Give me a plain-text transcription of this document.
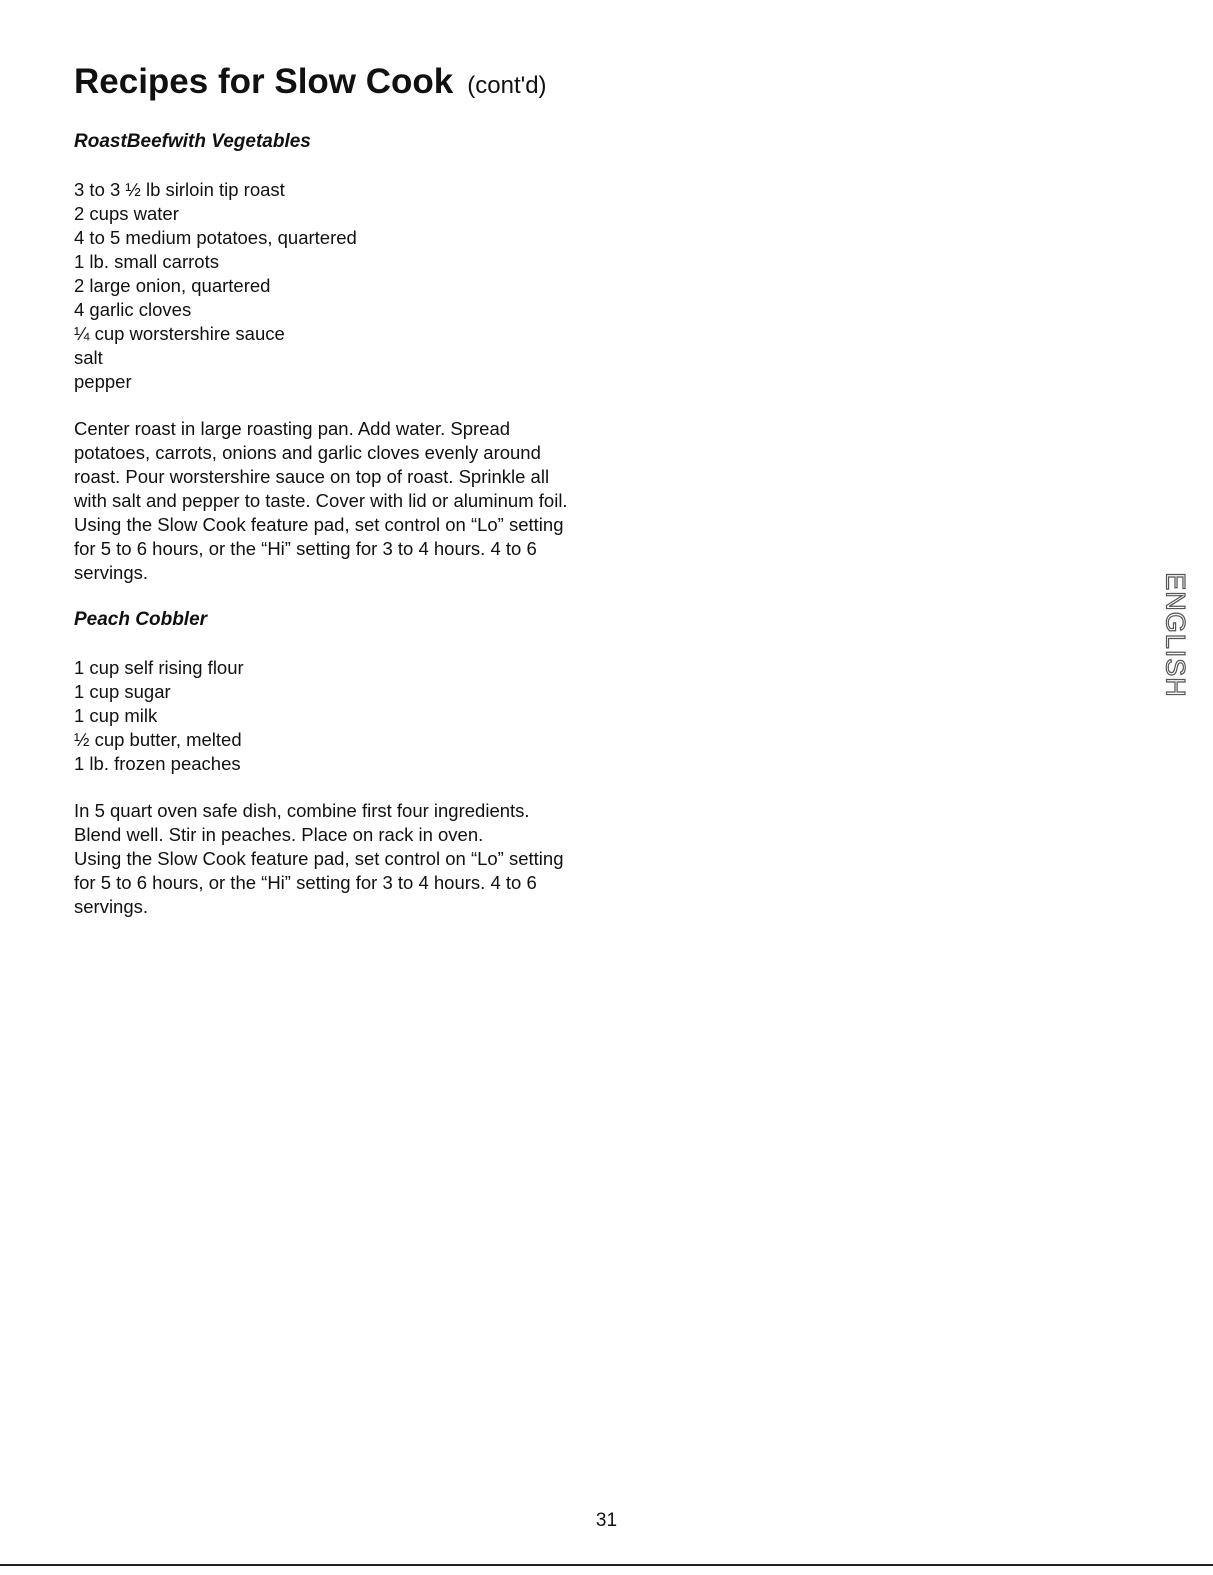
Recipes for Slow Cook (cont'd)
RoastBeefwith Vegetables
3 to 3 ½ lb sirloin tip roast
2 cups water
4 to 5 medium potatoes, quartered
1 lb. small carrots
2 large onion, quartered
4 garlic cloves
¼ cup worstershire sauce
salt
pepper
Center roast in large roasting pan. Add water. Spread
potatoes, carrots, onions and garlic cloves evenly around
roast. Pour worstershire sauce on top of roast. Sprinkle all
with salt and pepper to taste. Cover with lid or aluminum foil.
Using the Slow Cook feature pad, set control on “Lo” setting
for 5 to 6 hours, or the “Hi” setting for 3 to 4 hours. 4 to 6
servings.
Peach Cobbler
1 cup self rising flour
1 cup sugar
1 cup milk
½ cup butter, melted
1 lb. frozen peaches
In 5 quart oven safe dish, combine first four ingredients.
Blend well. Stir in peaches. Place on rack in oven.
Using the Slow Cook feature pad, set control on “Lo” setting
for 5 to 6 hours, or the “Hi” setting for 3 to 4 hours. 4 to 6
servings.
ENGLISH
31
